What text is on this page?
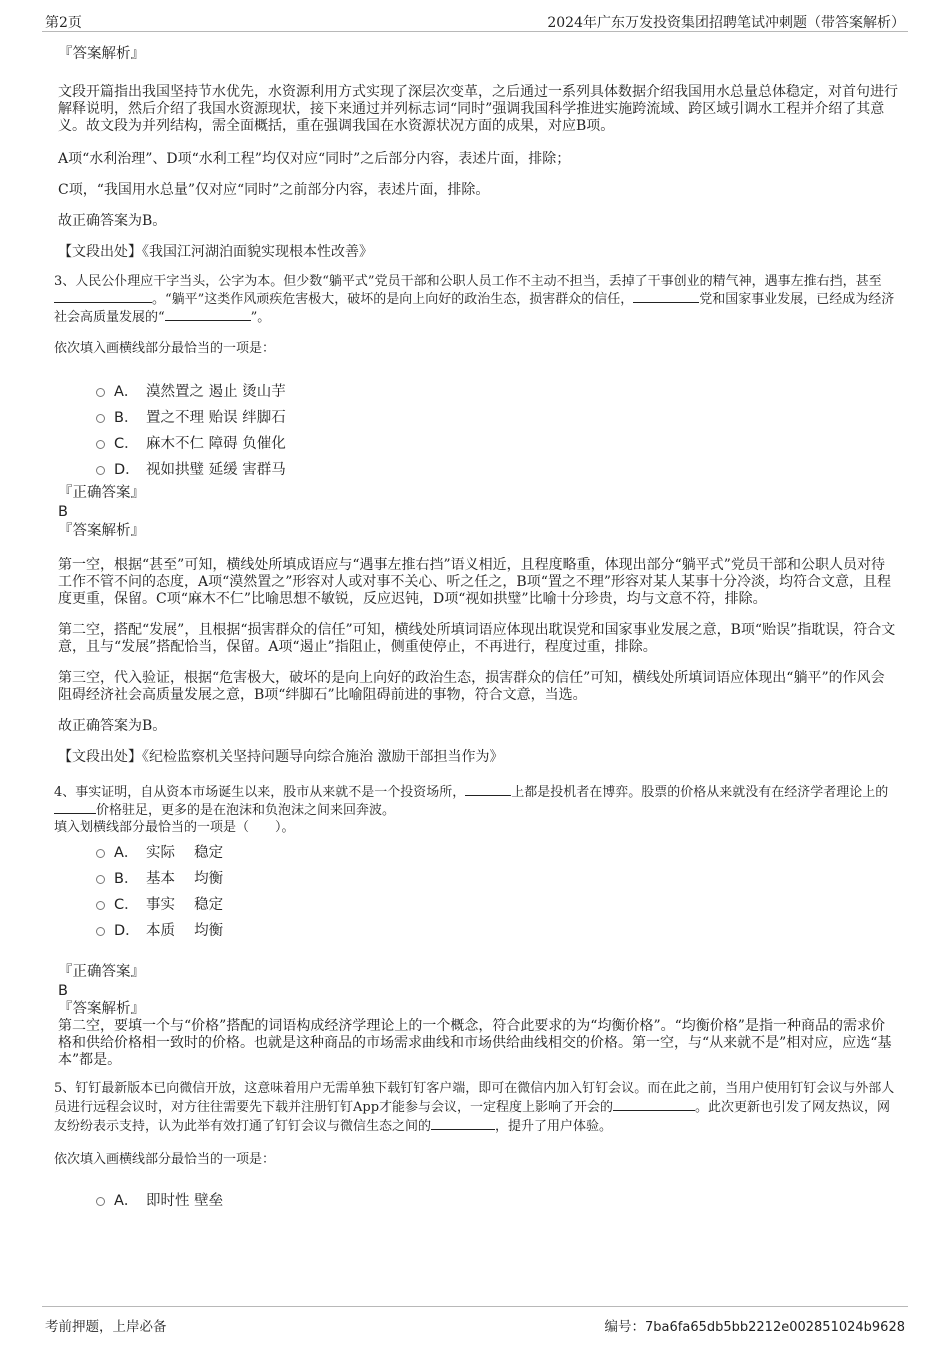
第2页	2024年广东万发投资集团招聘笔试冲刺题（带答案解析）

『答案解析』

文段开篇指出我国坚持节水优先，水资源利用方式实现了深层次变革，之后通过一系列具体数据介绍我国用水总量总体稳定，对首句进行解释说明，然后介绍了我国水资源现状，接下来通过并列标志词“同时”强调我国科学推进实施跨流域、跨区域引调水工程并介绍了其意义。故文段为并列结构，需全面概括，重在强调我国在水资源状况方面的成果，对应B项。

A项“水利治理”、D项“水利工程”均仅对应“同时”之后部分内容，表述片面，排除；

C项，“我国用水总量”仅对应“同时”之前部分内容，表述片面，排除。

故正确答案为B。

【文段出处】《我国江河湖泊面貌实现根本性改善》

3、人民公仆理应干字当头，公字为本。但少数“躺平式”党员干部和公职人员工作不主动不担当，丢掉了干事创业的精气神，遇事左推右挡，甚至。“躺平”这类作风顽疾危害极大，破坏的是向上向好的政治生态，损害群众的信任，	党和国家事业发展，已经成为经济社会高质量发展的“	”。

依次填入画横线部分最恰当的一项是：

A． 漠然置之 遏止 烫山芋
B． 置之不理 贻误 绊脚石
C． 麻木不仁 障碍 负催化
D． 视如拱璧 延缓 害群马

『正确答案』

B

『答案解析』

第一空，根据“甚至”可知，横线处所填成语应与“遇事左推右挡”语义相近，且程度略重，体现出部分“躺平式”党员干部和公职人员对待工作不管不问的态度，A项“漠然置之”形容对人或对事不关心、听之任之，B项“置之不理”形容对某人某事十分冷淡，均符合文意，且程度更重，保留。C项“麻木不仁”比喻思想不敏锐，反应迟钝，D项“视如拱璧”比喻十分珍贵，均与文意不符，排除。

第二空，搭配“发展”，且根据“损害群众的信任”可知，横线处所填词语应体现出耽误党和国家事业发展之意，B项“贻误”指耽误，符合文意，且与“发展”搭配恰当，保留。A项“遏止”指阻止，侧重使停止，不再进行，程度过重，排除。

第三空，代入验证，根据“危害极大，破坏的是向上向好的政治生态，损害群众的信任”可知，横线处所填词语应体现出“躺平”的作风会阻碍经济社会高质量发展之意，B项“绊脚石”比喻阻碍前进的事物，符合文意，当选。

故正确答案为B。

【文段出处】《纪检监察机关坚持问题导向综合施治 激励干部担当作为》

4、事实证明，自从资本市场诞生以来，股市从来就不是一个投资场所，	上都是投机者在博弈。股票的价格从来就没有在经济学者理论上的价格驻足，更多的是在泡沫和负泡沫之间来回奔波。

填入划横线部分最恰当的一项是（　　）。

A． 实际　 稳定
B． 基本　 均衡
C． 事实　 稳定
D． 本质　 均衡

『正确答案』

B

『答案解析』

第二空，要填一个与“价格”搭配的词语构成经济学理论上的一个概念，符合此要求的为“均衡价格”。“均衡价格”是指一种商品的需求价格和供给价格相一致时的价格。也就是这种商品的市场需求曲线和市场供给曲线相交的价格。第一空，与“从来就不是”相对应，应选“基本”都是。

5、钉钉最新版本已向微信开放，这意味着用户无需单独下载钉钉客户端，即可在微信内加入钉钉会议。而在此之前，当用户使用钉钉会议与外部人员进行远程会议时，对方往往需要先下载并注册钉钉App才能参与会议，一定程度上影响了开会的	。此次更新也引发了网友热议，网友纷纷表示支持，认为此举有效打通了钉钉会议与微信生态之间的	，提升了用户体验。

依次填入画横线部分最恰当的一项是：

A． 即时性 壁垒
考前押题，上岸必备	编号：7ba6fa65db5bb2212e002851024b9628
